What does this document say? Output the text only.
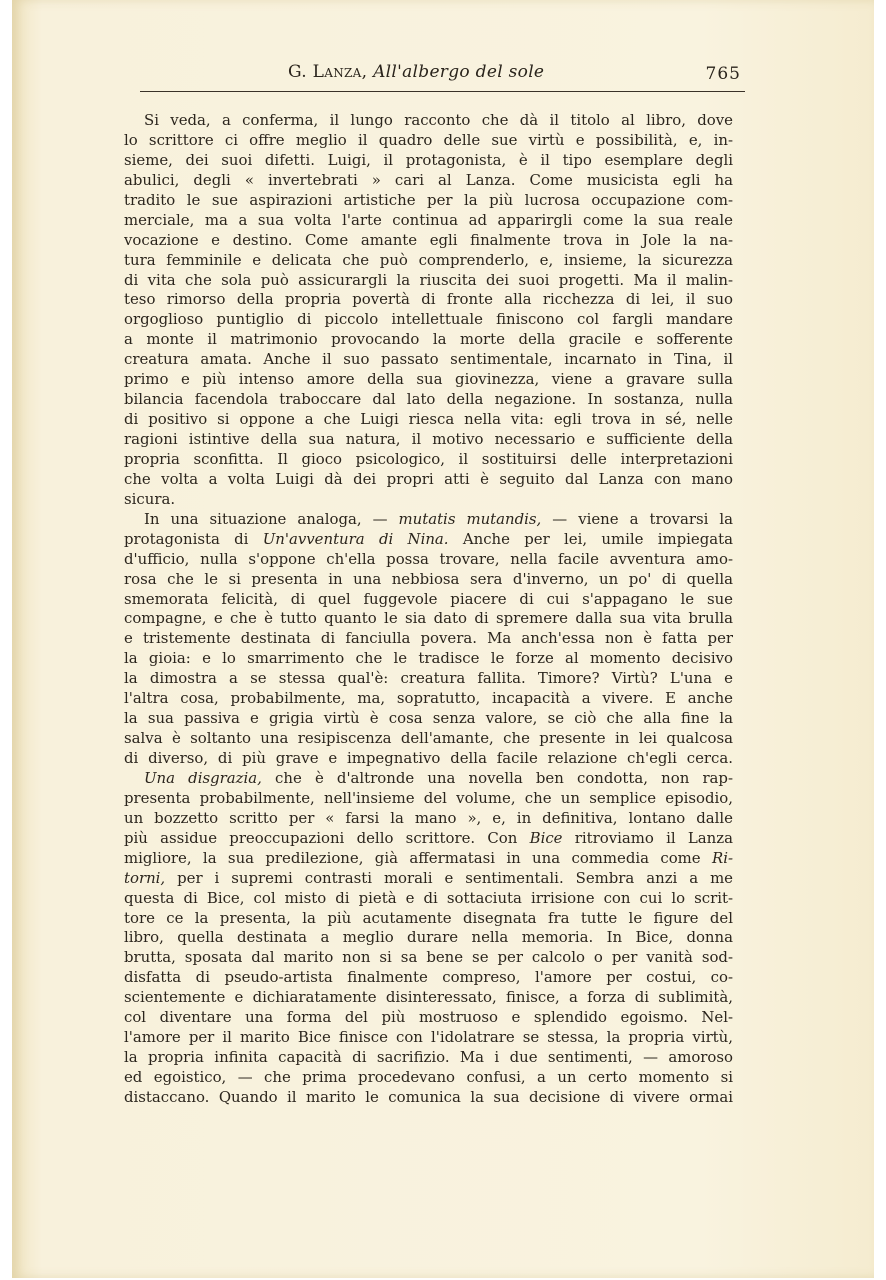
G. Lanza, All'albergo del sole	765
Si veda, a conferma, il lungo racconto che dà il titolo al libro, dove
lo scrittore ci offre meglio il quadro delle sue virtù e possibilità, e, in-
sieme, dei suoi difetti. Luigi, il protagonista, è il tipo esemplare degli
abulici, degli « invertebrati » cari al Lanza. Come musicista egli ha
tradito le sue aspirazioni artistiche per la più lucrosa occupazione com-
merciale, ma a sua volta l'arte continua ad apparirgli come la sua reale
vocazione e destino. Come amante egli finalmente trova in Jole la na-
tura femminile e delicata che può comprenderlo, e, insieme, la sicurezza
di vita che sola può assicurargli la riuscita dei suoi progetti. Ma il malin-
teso rimorso della propria povertà di fronte alla ricchezza di lei, il suo
orgoglioso puntiglio di piccolo intellettuale finiscono col fargli mandare
a monte il matrimonio provocando la morte della gracile e sofferente
creatura amata. Anche il suo passato sentimentale, incarnato in Tina, il
primo e più intenso amore della sua giovinezza, viene a gravare sulla
bilancia facendola traboccare dal lato della negazione. In sostanza, nulla
di positivo si oppone a che Luigi riesca nella vita: egli trova in sé, nelle
ragioni istintive della sua natura, il motivo necessario e sufficiente della
propria sconfitta. Il gioco psicologico, il sostituirsi delle interpretazioni
che volta a volta Luigi dà dei propri atti è seguito dal Lanza con mano
sicura.
In una situazione analoga, — mutatis mutandis, — viene a trovarsi la
protagonista di Un'avventura di Nina. Anche per lei, umile impiegata
d'ufficio, nulla s'oppone ch'ella possa trovare, nella facile avventura amo-
rosa che le si presenta in una nebbiosa sera d'inverno, un po' di quella
smemorata felicità, di quel fuggevole piacere di cui s'appagano le sue
compagne, e che è tutto quanto le sia dato di spremere dalla sua vita brulla
e tristemente destinata di fanciulla povera. Ma anch'essa non è fatta per
la gioia: e lo smarrimento che le tradisce le forze al momento decisivo
la dimostra a se stessa qual'è: creatura fallita. Timore? Virtù? L'una e
l'altra cosa, probabilmente, ma, sopratutto, incapacità a vivere. E anche
la sua passiva e grigia virtù è cosa senza valore, se ciò che alla fine la
salva è soltanto una resipiscenza dell'amante, che presente in lei qualcosa
di diverso, di più grave e impegnativo della facile relazione ch'egli cerca.
Una disgrazia, che è d'altronde una novella ben condotta, non rap-
presenta probabilmente, nell'insieme del volume, che un semplice episodio,
un bozzetto scritto per « farsi la mano », e, in definitiva, lontano dalle
più assidue preoccupazioni dello scrittore. Con Bice ritroviamo il Lanza
migliore, la sua predilezione, già affermatasi in una commedia come Ri-
torni, per i supremi contrasti morali e sentimentali. Sembra anzi a me
questa di Bice, col misto di pietà e di sottaciuta irrisione con cui lo scrit-
tore ce la presenta, la più acutamente disegnata fra tutte le figure del
libro, quella destinata a meglio durare nella memoria. In Bice, donna
brutta, sposata dal marito non si sa bene se per calcolo o per vanità sod-
disfatta di pseudo-artista finalmente compreso, l'amore per costui, co-
scientemente e dichiaratamente disinteressato, finisce, a forza di sublimità,
col diventare una forma del più mostruoso e splendido egoismo. Nel-
l'amore per il marito Bice finisce con l'idolatrare se stessa, la propria virtù,
la propria infinita capacità di sacrifizio. Ma i due sentimenti, — amoroso
ed egoistico, — che prima procedevano confusi, a un certo momento si
distaccano. Quando il marito le comunica la sua decisione di vivere ormai
